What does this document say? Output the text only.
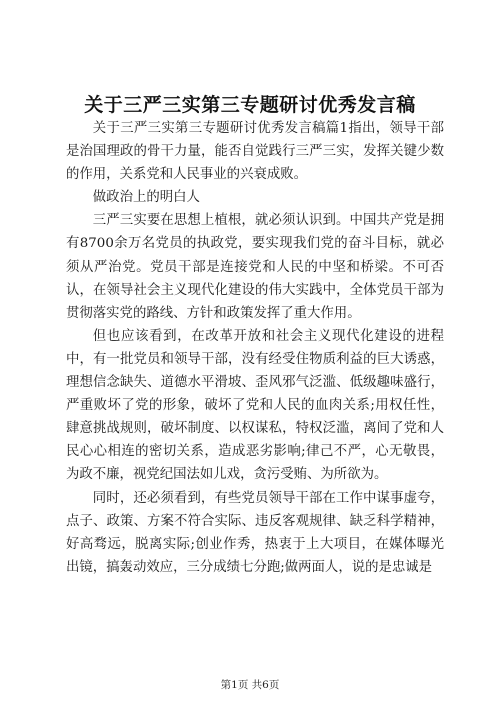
关于三严三实第三专题研讨优秀发言稿

关于三严三实第三专题研讨优秀发言稿篇1指出，领导干部是治国理政的骨干力量，能否自觉践行三严三实，发挥关键少数的作用，关系党和人民事业的兴衰成败。

做政治上的明白人

三严三实要在思想上植根，就必须认识到。中国共产党是拥有8700余万名党员的执政党，要实现我们党的奋斗目标，就必须从严治党。党员干部是连接党和人民的中坚和桥梁。不可否认，在领导社会主义现代化建设的伟大实践中，全体党员干部为贯彻落实党的路线、方针和政策发挥了重大作用。

但也应该看到，在改革开放和社会主义现代化建设的进程中，有一批党员和领导干部，没有经受住物质利益的巨大诱惑，理想信念缺失、道德水平滑坡、歪风邪气泛滥、低级趣味盛行，严重败坏了党的形象，破坏了党和人民的血肉关系;用权任性，肆意挑战规则，破坏制度、以权谋私，特权泛滥，离间了党和人民心心相连的密切关系，造成恶劣影响;律己不严，心无敬畏，为政不廉，视党纪国法如儿戏，贪污受贿、为所欲为。

同时，还必须看到，有些党员领导干部在工作中谋事虚夸，点子、政策、方案不符合实际、违反客观规律、缺乏科学精神，好高骛远，脱离实际;创业作秀，热衷于上大项目，在媒体曝光出镜，搞轰动效应，三分成绩七分跑;做两面人，说的是忠诚是

第1页 共6页
